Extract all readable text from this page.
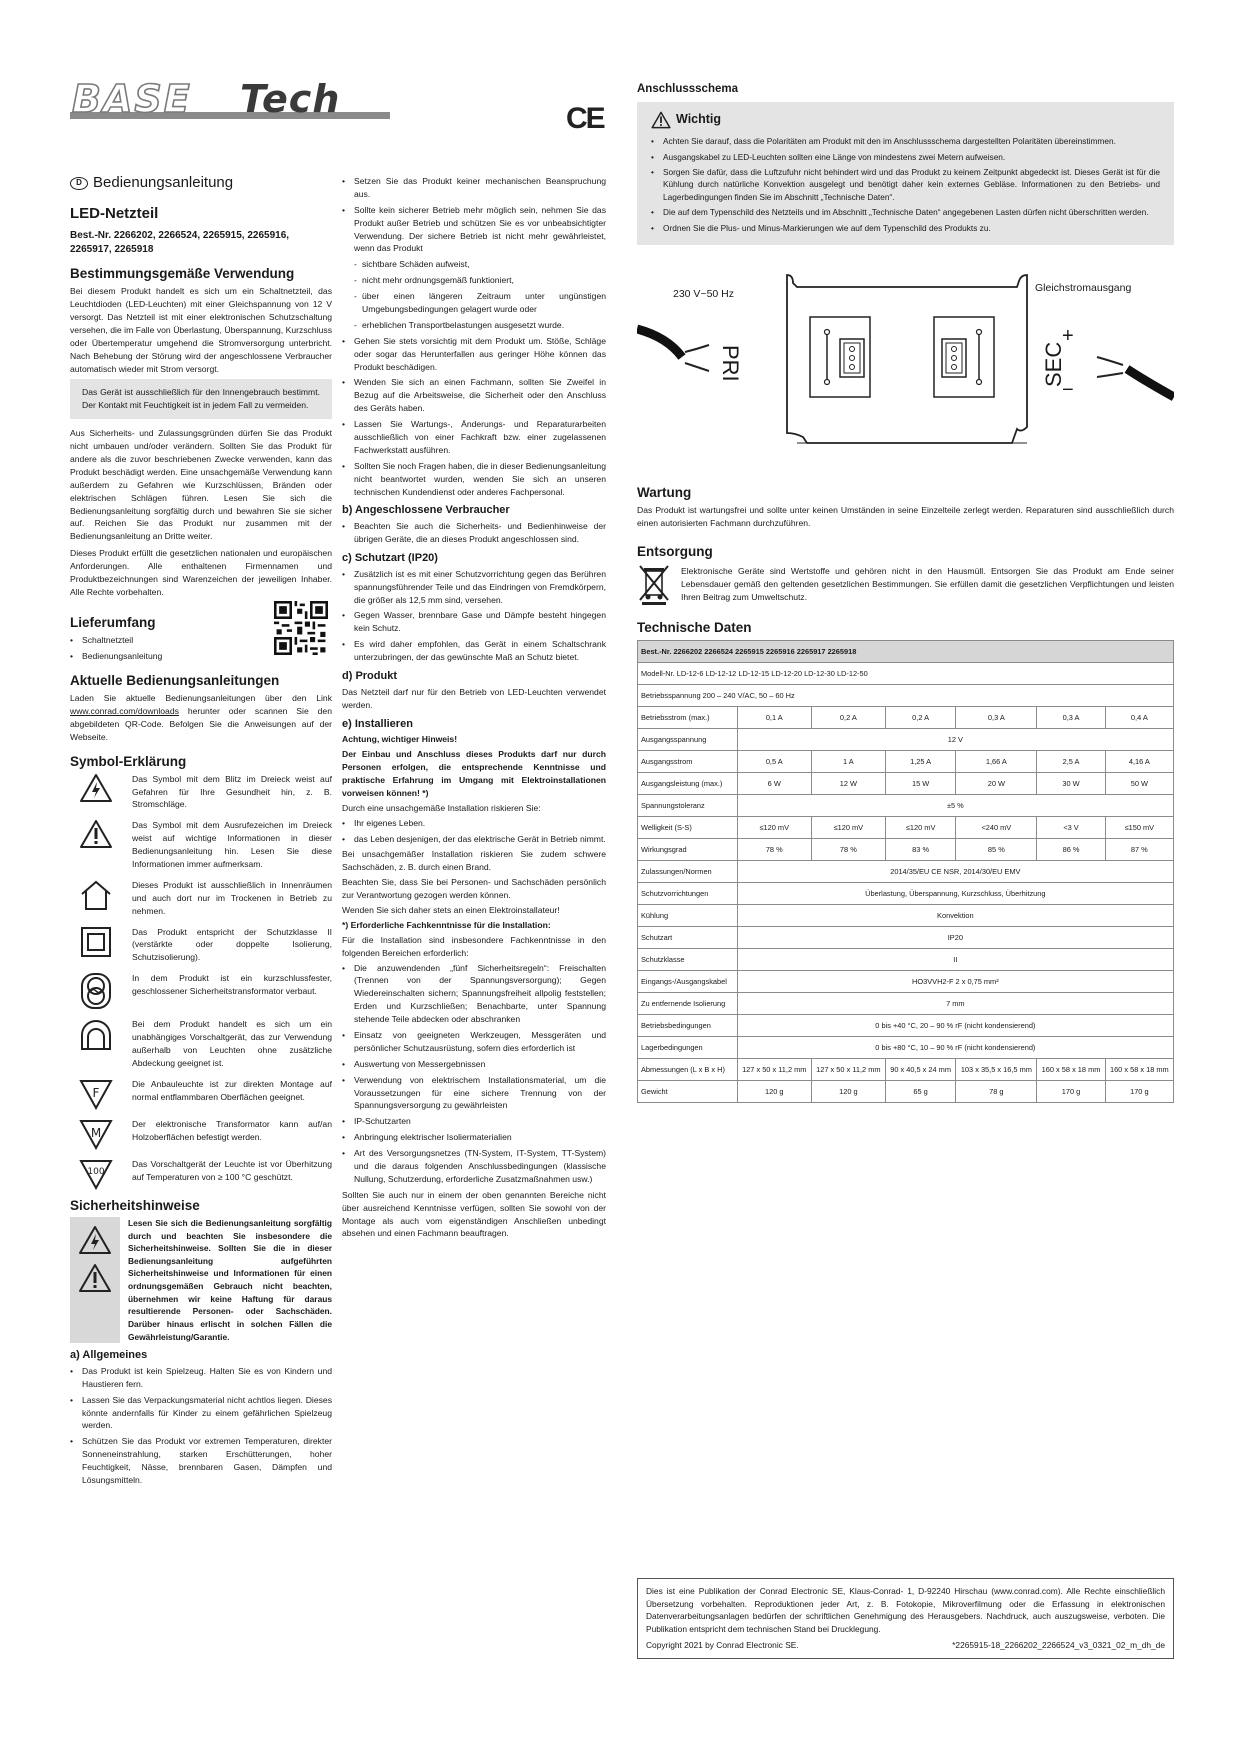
BASE Tech	CE
D Bedienungsanleitung
LED-Netzteil
Best.-Nr. 2266202, 2266524, 2265915, 2265916, 2265917, 2265918
Bestimmungsgemäße Verwendung

Bei diesem Produkt handelt es sich um ein Schaltnetzteil, das Leuchtdioden (LED-Leuchten) mit einer Gleichspannung von 12 V versorgt. Das Netzteil ist mit einer elektronischen Schutzschaltung versehen, die im Falle von Überlastung, Überspannung, Kurzschluss oder Übertemperatur umgehend die Stromversorgung unterbricht. Nach Behebung der Störung wird der angeschlossene Verbraucher automatisch wieder mit Strom versorgt.

Das Gerät ist ausschließlich für den Innengebrauch bestimmt. Der Kontakt mit Feuchtigkeit ist in jedem Fall zu vermeiden.

Aus Sicherheits- und Zulassungsgründen dürfen Sie das Produkt nicht umbauen und/oder verändern. Sollten Sie das Produkt für andere als die zuvor beschriebenen Zwecke verwenden, kann das Produkt beschädigt werden. Eine unsachgemäße Verwendung kann außerdem zu Gefahren wie Kurzschlüssen, Bränden oder elektrischen Schlägen führen. Lesen Sie sich die Bedienungsanleitung sorgfältig durch und bewahren Sie sie sicher auf. Reichen Sie das Produkt nur zusammen mit der Bedienungsanleitung an Dritte weiter.

Dieses Produkt erfüllt die gesetzlichen nationalen und europäischen Anforderungen. Alle enthaltenen Firmennamen und Produktbezeichnungen sind Warenzeichen der jeweiligen Inhaber. Alle Rechte vorbehalten.

Lieferumfang
• Schaltnetzteil
• Bedienungsanleitung
Aktuelle Bedienungsanleitungen

Laden Sie aktuelle Bedienungsanleitungen über den Link www.conrad.com/downloads herunter oder scannen Sie den abgebildeten QR-Code. Befolgen Sie die Anweisungen auf der Webseite.

Symbol-Erklärung
Das Symbol mit dem Blitz im Dreieck weist auf Gefahren für Ihre Gesundheit hin, z. B. Stromschläge.
Das Symbol mit dem Ausrufezeichen im Dreieck weist auf wichtige Informationen in dieser Bedienungsanleitung hin. Lesen Sie diese Informationen immer aufmerksam.
Dieses Produkt ist ausschließlich in Innenräumen und auch dort nur im Trockenen in Betrieb zu nehmen.
Das Produkt entspricht der Schutzklasse II (verstärkte oder doppelte Isolierung, Schutzisolierung).
In dem Produkt ist ein kurzschlussfester, geschlossener Sicherheitstransformator verbaut.
Bei dem Produkt handelt es sich um ein unabhängiges Vorschaltgerät, das zur Verwendung außerhalb von Leuchten ohne zusätzliche Abdeckung geeignet ist.
F
Die Anbauleuchte ist zur direkten Montage auf normal entflammbaren Oberflächen geeignet.
M
Der elektronische Transformator kann auf/an Holzoberflächen befestigt werden.
100
Das Vorschaltgerät der Leuchte ist vor Überhitzung auf Temperaturen von ≥ 100 °C geschützt.
Sicherheitshinweise
Lesen Sie sich die Bedienungsanleitung sorgfältig durch und beachten Sie insbesondere die Sicherheitshinweise. Sollten Sie die in dieser Bedienungsanleitung aufgeführten Sicherheitshinweise und Informationen für einen ordnungsgemäßen Gebrauch nicht beachten, übernehmen wir keine Haftung für daraus resultierende Personen- oder Sachschäden. Darüber hinaus erlischt in solchen Fällen die Gewährleistung/Garantie.
a) Allgemeines
• Das Produkt ist kein Spielzeug. Halten Sie es von Kindern und Haustieren fern.
• Lassen Sie das Verpackungsmaterial nicht achtlos liegen. Dieses könnte andernfalls für Kinder zu einem gefährlichen Spielzeug werden.
• Schützen Sie das Produkt vor extremen Temperaturen, direkter Sonneneinstrahlung, starken Erschütterungen, hoher Feuchtigkeit, Nässe, brennbaren Gasen, Dämpfen und Lösungsmitteln.
• Setzen Sie das Produkt keiner mechanischen Beanspruchung aus.
• Sollte kein sicherer Betrieb mehr möglich sein, nehmen Sie das Produkt außer Betrieb und schützen Sie es vor unbeabsichtigter Verwendung. Der sichere Betrieb ist nicht mehr gewährleistet, wenn das Produkt
- sichtbare Schäden aufweist,
- nicht mehr ordnungsgemäß funktioniert,
- über einen längeren Zeitraum unter ungünstigen Umgebungsbedingungen gelagert wurde oder
- erheblichen Transportbelastungen ausgesetzt wurde.
• Gehen Sie stets vorsichtig mit dem Produkt um. Stöße, Schläge oder sogar das Herunterfallen aus geringer Höhe können das Produkt beschädigen.
• Wenden Sie sich an einen Fachmann, sollten Sie Zweifel in Bezug auf die Arbeitsweise, die Sicherheit oder den Anschluss des Geräts haben.
• Lassen Sie Wartungs-, Änderungs- und Reparaturarbeiten ausschließlich von einer Fachkraft bzw. einer zugelassenen Fachwerkstatt ausführen.
• Sollten Sie noch Fragen haben, die in dieser Bedienungsanleitung nicht beantwortet wurden, wenden Sie sich an unseren technischen Kundendienst oder anderes Fachpersonal.
b) Angeschlossene Verbraucher
• Beachten Sie auch die Sicherheits- und Bedienhinweise der übrigen Geräte, die an dieses Produkt angeschlossen sind.
c) Schutzart (IP20)
• Zusätzlich ist es mit einer Schutzvorrichtung gegen das Berühren spannungsführender Teile und das Eindringen von Fremdkörpern, die größer als 12,5 mm sind, versehen.
• Gegen Wasser, brennbare Gase und Dämpfe besteht hingegen kein Schutz.
• Es wird daher empfohlen, das Gerät in einem Schaltschrank unterzubringen, der das gewünschte Maß an Schutz bietet.
d) Produkt

Das Netzteil darf nur für den Betrieb von LED-Leuchten verwendet werden.

e) Installieren

Achtung, wichtiger Hinweis!

Der Einbau und Anschluss dieses Produkts darf nur durch Personen erfolgen, die entsprechende Kenntnisse und praktische Erfahrung im Umgang mit Elektroinstallationen vorweisen können! *)

Durch eine unsachgemäße Installation riskieren Sie:

• Ihr eigenes Leben.
• das Leben desjenigen, der das elektrische Gerät in Betrieb nimmt.

Bei unsachgemäßer Installation riskieren Sie zudem schwere Sachschäden, z. B. durch einen Brand.

Beachten Sie, dass Sie bei Personen- und Sachschäden persönlich zur Verantwortung gezogen werden können.

Wenden Sie sich daher stets an einen Elektroinstallateur!

*) Erforderliche Fachkenntnisse für die Installation:

Für die Installation sind insbesondere Fachkenntnisse in den folgenden Bereichen erforderlich:

• Die anzuwendenden „fünf Sicherheitsregeln“: Freischalten (Trennen von der Spannungsversorgung); Gegen Wiedereinschalten sichern; Spannungsfreiheit allpolig feststellen; Erden und Kurzschließen; Benachbarte, unter Spannung stehende Teile abdecken oder abschranken
• Einsatz von geeigneten Werkzeugen, Messgeräten und persönlicher Schutzausrüstung, sofern dies erforderlich ist
• Auswertung von Messergebnissen
• Verwendung von elektrischem Installationsmaterial, um die Voraussetzungen für eine sichere Trennung von der Spannungsversorgung zu gewährleisten
• IP-Schutzarten
• Anbringung elektrischer Isoliermaterialien
• Art des Versorgungsnetzes (TN-System, IT-System, TT-System) und die daraus folgenden Anschlussbedingungen (klassische Nullung, Schutzerdung, erforderliche Zusatzmaßnahmen usw.)

Sollten Sie auch nur in einem der oben genannten Bereiche nicht über ausreichend Kenntnisse verfügen, sollten Sie sowohl von der Montage als auch vom eigenständigen Anschließen unbedingt absehen und einen Fachmann beauftragen.

Anschlussschema
Wichtig
• Achten Sie darauf, dass die Polaritäten am Produkt mit den im Anschlussschema dargestellten Polaritäten übereinstimmen.
• Ausgangskabel zu LED-Leuchten sollten eine Länge von mindestens zwei Metern aufweisen.
• Sorgen Sie dafür, dass die Luftzufuhr nicht behindert wird und das Produkt zu keinem Zeitpunkt abgedeckt ist. Dieses Gerät ist für die Kühlung durch natürliche Konvektion ausgelegt und benötigt daher kein externes Gebläse. Informationen zu den Betriebs- und Lagerbedingungen finden Sie im Abschnitt „Technische Daten“.
• Die auf dem Typenschild des Netzteils und im Abschnitt „Technische Daten“ angegebenen Lasten dürfen nicht überschritten werden.
• Ordnen Sie die Plus- und Minus-Markierungen wie auf dem Typenschild des Produkts zu.
230 V~50 Hz	Gleichstromausgang
PRI	SEC
+
−
Wartung

Das Produkt ist wartungsfrei und sollte unter keinen Umständen in seine Einzelteile zerlegt werden. Reparaturen sind ausschließlich durch einen autorisierten Fachmann durchzuführen.

Entsorgung

Elektronische Geräte sind Wertstoffe und gehören nicht in den Hausmüll. Entsorgen Sie das Produkt am Ende seiner Lebensdauer gemäß den geltenden gesetzlichen Bestimmungen. Sie erfüllen damit die gesetzlichen Verpflichtungen und leisten Ihren Beitrag zum Umweltschutz.

Technische Daten
Best.-Nr. 2266202 2266524 2265915 2265916 2265917 2265918						
Modell-Nr. LD-12-6 LD-12-12 LD-12-15 LD-12-20 LD-12-30 LD-12-50						
Betriebsspannung 200 – 240 V/AC, 50 – 60 Hz						
Betriebsstrom (max.)	0,1 A	0,2 A	0,2 A	0,3 A	0,3 A	0,4 A
Ausgangsspannung	12 V					
Ausgangsstrom	0,5 A	1 A	1,25 A	1,66 A	2,5 A	4,16 A
Ausgangsleistung (max.)	6 W	12 W	15 W	20 W	30 W	50 W
Spannungstoleranz	±5 %					
Welligkeit (S-S)	≤120 mV	≤120 mV	≤120 mV	<240 mV	<3 V	≤150 mV
Wirkungsgrad	78 %	78 %	83 %	85 %	86 %	87 %
Zulassungen/Normen	2014/35/EU CE NSR, 2014/30/EU EMV					
Schutzvorrichtungen	Überlastung, Überspannung, Kurzschluss, Überhitzung					
Kühlung	Konvektion					
Schutzart	IP20					
Schutzklasse	II					
Eingangs-/Ausgangskabel	HO3VVH2-F 2 x 0,75 mm²					
Zu entfernende Isolierung	7 mm					
Betriebsbedingungen	0 bis +40 °C, 20 – 90 % rF (nicht kondensierend)					
Lagerbedingungen	0 bis +80 °C, 10 – 90 % rF (nicht kondensierend)					
Abmessungen (L x B x H)	127 x 50 x 11,2 mm	127 x 50 x 11,2 mm	90 x 40,5 x 24 mm	103 x 35,5 x 16,5 mm	160 x 58 x 18 mm	160 x 58 x 18 mm
Gewicht	120 g	120 g	65 g	78 g	170 g	170 g
Dies ist eine Publikation der Conrad Electronic SE, Klaus-Conrad- 1, D-92240 Hirschau (www.conrad.com). Alle Rechte einschließlich Übersetzung vorbehalten. Reproduktionen jeder Art, z. B. Fotokopie, Mikroverfilmung oder die Erfassung in elektronischen Datenverarbeitungsanlagen bedürfen der schriftlichen Genehmigung des Herausgebers. Nachdruck, auch auszugsweise, verboten. Die Publikation entspricht dem technischen Stand bei Drucklegung.
Copyright 2021 by Conrad Electronic SE.	*2265915-18_2266202_2266524_v3_0321_02_m_dh_de
